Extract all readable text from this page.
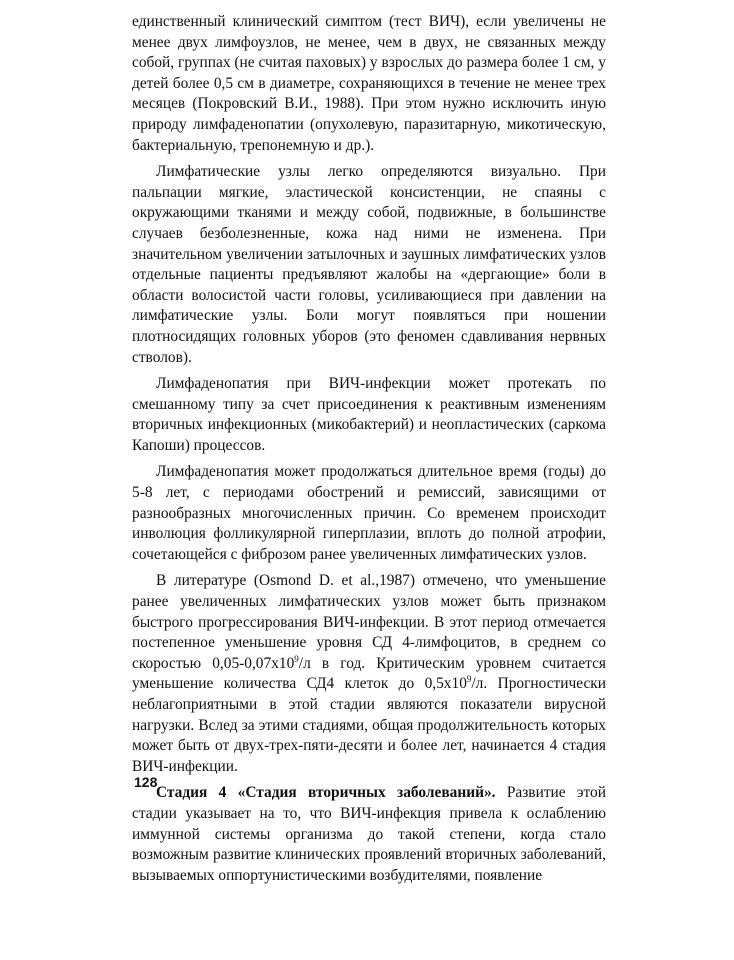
единственный клинический симптом (тест ВИЧ), если увеличены не менее двух лимфоузлов, не менее, чем в двух, не связанных между собой, группах (не считая паховых) у взрослых до размера более 1 см, у детей более 0,5 см в диаметре, сохраняющихся в течение не менее трех месяцев (Покровский В.И., 1988). При этом нужно исключить иную природу лимфаденопатии (опухолевую, паразитарную, микотическую, бактериальную, трепонемную и др.).

Лимфатические узлы легко определяются визуально. При пальпации мягкие, эластической консистенции, не спаяны с окружающими тканями и между собой, подвижные, в большинстве случаев безболезненные, кожа над ними не изменена. При значительном увеличении затылочных и заушных лимфатических узлов отдельные пациенты предъявляют жалобы на «дергающие» боли в области волосистой части головы, усиливающиеся при давлении на лимфатические узлы. Боли могут появляться при ношении плотносидящих головных уборов (это феномен сдавливания нервных стволов).

Лимфаденопатия при ВИЧ-инфекции может протекать по смешанному типу за счет присоединения к реактивным изменениям вторичных инфекционных (микобактерий) и неопластических (саркома Капоши) процессов.

Лимфаденопатия может продолжаться длительное время (годы) до 5-8 лет, с периодами обострений и ремиссий, зависящими от разнообразных многочисленных причин. Со временем происходит инволюция фолликулярной гиперплазии, вплоть до полной атрофии, сочетающейся с фиброзом ранее увеличенных лимфатических узлов.

В литературе (Osmond D. et al.,1987) отмечено, что уменьшение ранее увеличенных лимфатических узлов может быть признаком быстрого прогрессирования ВИЧ-инфекции. В этот период отмечается постепенное уменьшение уровня СД 4-лимфоцитов, в среднем со скоростью $0,05-0,07х10^9/л$ в год. Критическим уровнем считается уменьшение количества СД4 клеток до $0,5х10^9/л$. Прогностически неблагоприятными в этой стадии являются показатели вирусной нагрузки. Вслед за этими стадиями, общая продолжительность которых может быть от двух-трех-пяти-десяти и более лет, начинается 4 стадия ВИЧ-инфекции.

Стадия 4 «Стадия вторичных заболеваний». Развитие этой стадии указывает на то, что ВИЧ-инфекция привела к ослаблению иммунной системы организма до такой степени, когда стало возможным развитие клинических проявлений вторичных заболеваний, вызываемых оппортунистическими возбудителями, появление

128
